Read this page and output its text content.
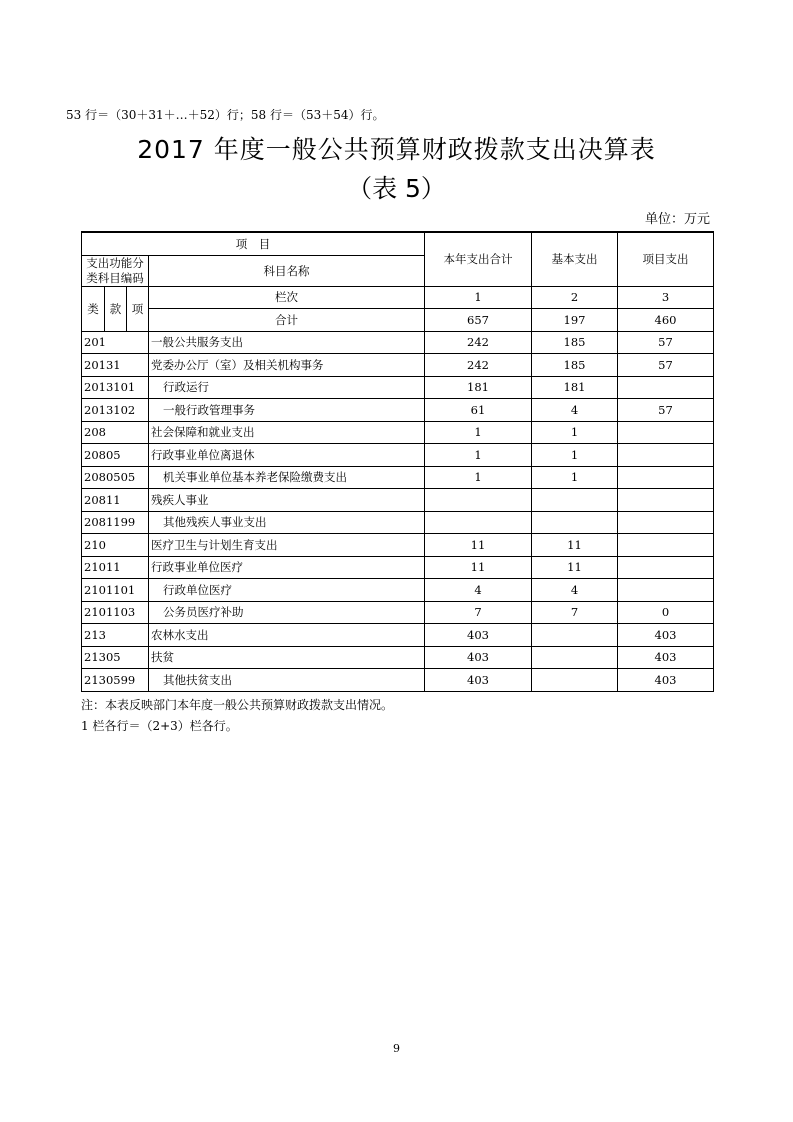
53 行＝（30＋31＋…＋52）行；58 行＝（53＋54）行。
2017 年度一般公共预算财政拨款支出决算表
（表 5）
单位：万元
项　目				本年支出合计	基本支出	项目支出
支出功能分类科目编码			科目名称			
类	款	项	栏次	1	2	3
			合计	657	197	460
201			一般公共服务支出	242	185	57
20131			党委办公厅（室）及相关机构事务	242	185	57
2013101			行政运行	181	181	
2013102			一般行政管理事务	61	4	57
208			社会保障和就业支出	1	1	
20805			行政事业单位离退休	1	1	
2080505			机关事业单位基本养老保险缴费支出	1	1	
20811			残疾人事业			
2081199			其他残疾人事业支出			
210			医疗卫生与计划生育支出	11	11	
21011			行政事业单位医疗	11	11	
2101101			行政单位医疗	4	4	
2101103			公务员医疗补助	7	7	0
213			农林水支出	403		403
21305			扶贫	403		403
2130599			其他扶贫支出	403		403
注：本表反映部门本年度一般公共预算财政拨款支出情况。
1 栏各行＝（2+3）栏各行。
9
